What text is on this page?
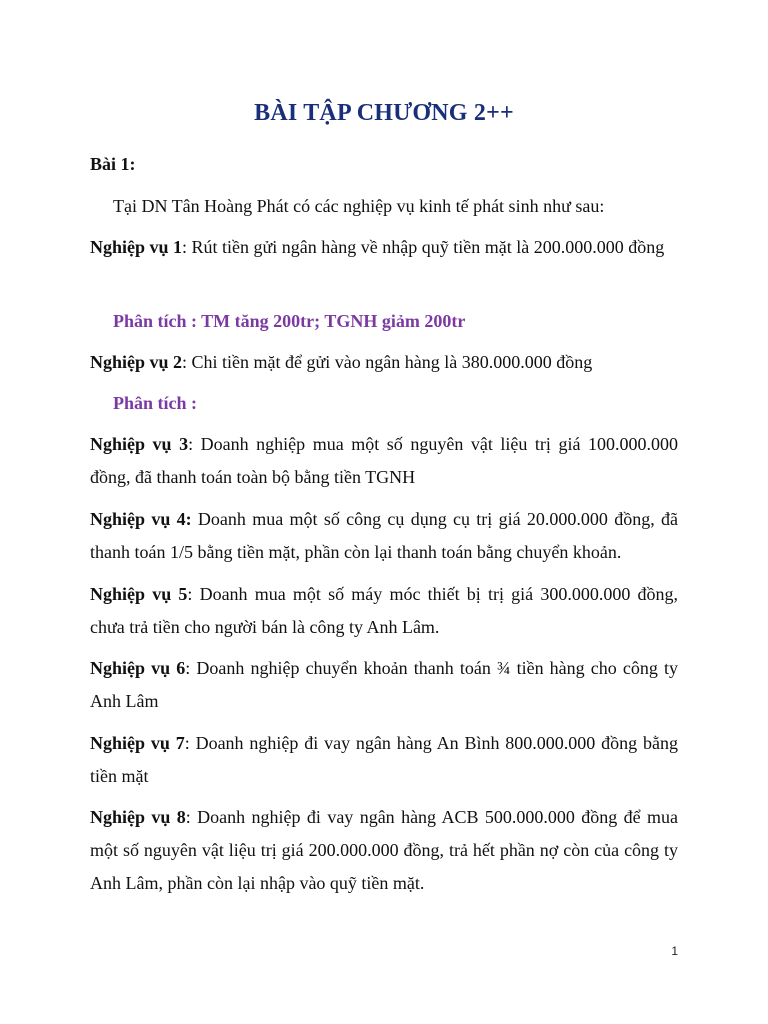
BÀI TẬP CHƯƠNG 2++

Bài 1:

Tại DN Tân Hoàng Phát có các nghiệp vụ kinh tế phát sinh như sau:

Nghiệp vụ 1: Rút tiền gửi ngân hàng về nhập quỹ tiền mặt là 200.000.000 đồng

Phân tích : TM tăng 200tr; TGNH giảm 200tr

Nghiệp vụ 2: Chi tiền mặt để gửi vào ngân hàng là 380.000.000 đồng

Phân tích :

Nghiệp vụ 3: Doanh nghiệp mua một số nguyên vật liệu trị giá 100.000.000 đồng, đã thanh toán toàn bộ bằng tiền TGNH

Nghiệp vụ 4: Doanh mua một số công cụ dụng cụ trị giá 20.000.000 đồng, đã thanh toán 1/5 bằng tiền mặt, phần còn lại thanh toán bằng chuyển khoản.

Nghiệp vụ 5: Doanh mua một số máy móc thiết bị trị giá 300.000.000 đồng, chưa trả tiền cho người bán là công ty Anh Lâm.

Nghiệp vụ 6: Doanh nghiệp chuyển khoản thanh toán ¾ tiền hàng cho công ty Anh Lâm

Nghiệp vụ 7: Doanh nghiệp đi vay ngân hàng An Bình 800.000.000 đồng bằng tiền mặt

Nghiệp vụ 8: Doanh nghiệp đi vay ngân hàng ACB 500.000.000 đồng để mua một số nguyên vật liệu trị giá 200.000.000 đồng, trả hết phần nợ còn của công ty Anh Lâm, phần còn lại nhập vào quỹ tiền mặt.

1
